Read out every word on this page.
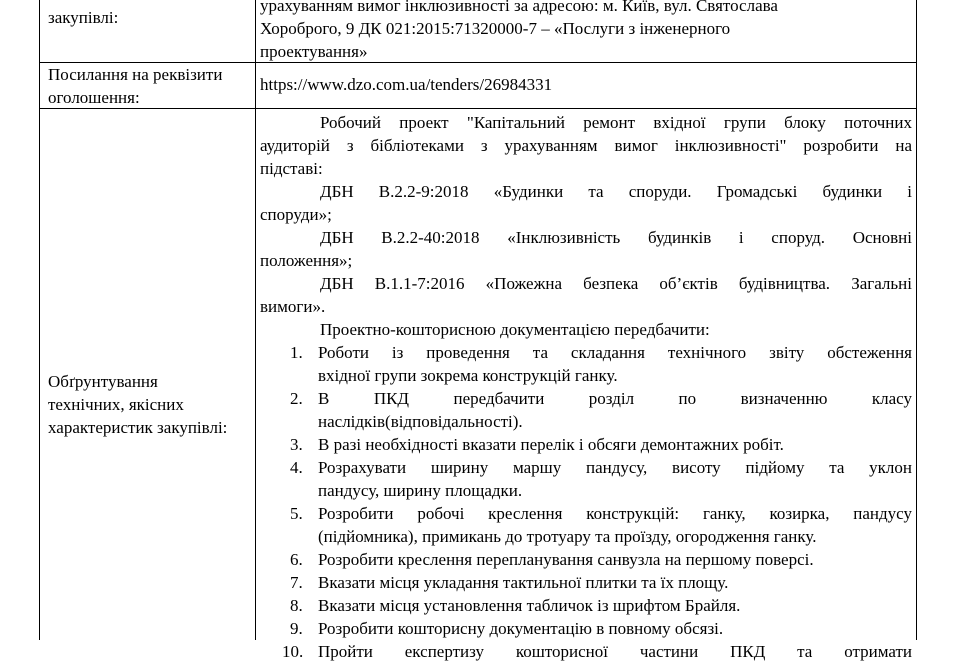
закупівлі:
урахуванням вимог інклюзивності за адресою: м. Київ, вул. Святослава
Хороброго, 9 ДК 021:2015:71320000-7 – «Послуги з інженерного
проектування»
Посилання на реквізити
оголошення:
https://www.dzo.com.ua/tenders/26984331
Обґрунтування
технічних, якісних
характеристик закупівлі:
Робочий проект "Капітальний ремонт вхідної групи блоку поточних
аудиторій з бібліотеками з урахуванням вимог інклюзивності" розробити на
підставі:
ДБН В.2.2-9:2018 «Будинки та споруди. Громадські будинки і
споруди»;
ДБН В.2.2-40:2018 «Інклюзивність будинків і споруд. Основні
положення»;
ДБН В.1.1-7:2016 «Пожежна безпека об’єктів будівництва. Загальні
вимоги».
Проектно-кошторисною документацією передбачити:
1. Роботи із проведення та складання технічного звіту обстеження
вхідної групи зокрема конструкцій ганку.
2. В ПКД передбачити розділ по визначенню класу
наслідків(відповідальності).
3. В разі необхідності вказати перелік і обсяги демонтажних робіт.
4. Розрахувати ширину маршу пандусу, висоту підйому та уклон
пандусу, ширину площадки.
5. Розробити робочі креслення конструкцій: ганку, козирка, пандусу
(підйомника), примикань до тротуару та проїзду, огородження ганку.
6. Розробити креслення перепланування санвузла на першому поверсі.
7. Вказати місця укладання тактильної плитки та їх площу.
8. Вказати місця установлення табличок із шрифтом Брайля.
9. Розробити кошторисну документацію в повному обсязі.
10. Пройти експертизу кошторисної частини ПКД та отримати
